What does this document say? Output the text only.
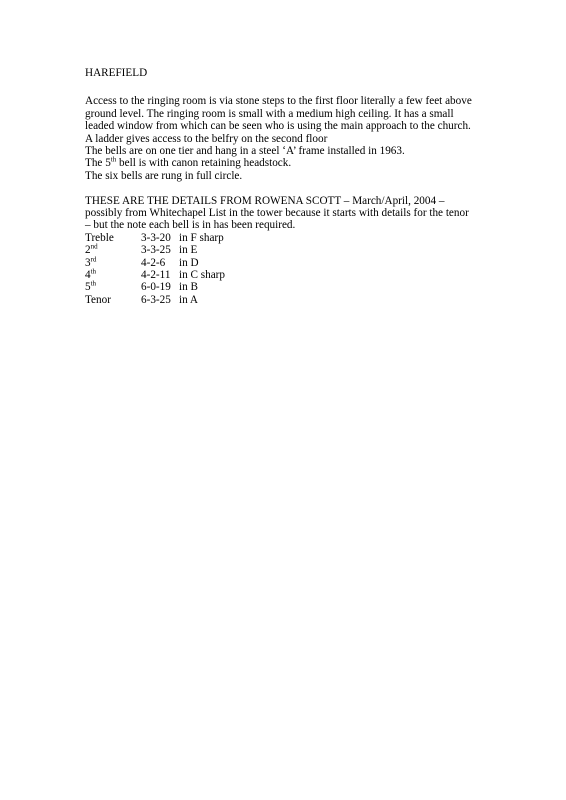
HAREFIELD
Access to the ringing room is via stone steps to the first floor literally a few feet above
ground level. The ringing room is small with a medium high ceiling. It has a small
leaded window from which can be seen who is using the main approach to the church.
A ladder gives access to the belfry on the second floor
The bells are on one tier and hang in a steel ‘A’ frame installed in 1963.
The 5th bell is with canon retaining headstock.
The six bells are rung in full circle.
THESE ARE THE DETAILS FROM ROWENA SCOTT – March/April, 2004 –
possibly from Whitechapel List in the tower because it starts with details for the tenor
– but the note each bell is in has been required.
Treble	3-3-20	in F sharp
2nd	3-3-25	in E
3rd	4-2-6	in D
4th	4-2-11	in C sharp
5th	6-0-19	in B
Tenor	6-3-25	in A
